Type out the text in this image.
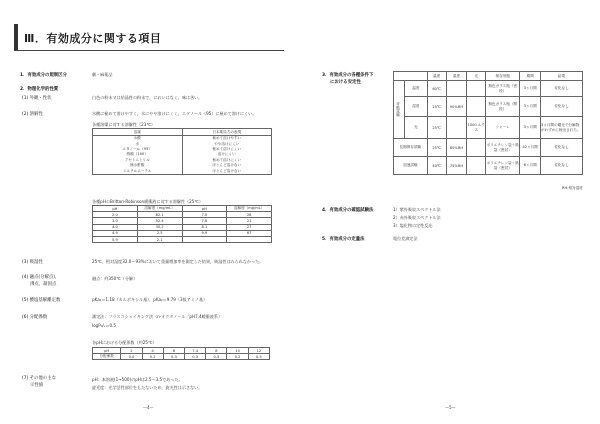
Ⅲ．有効成分に関する項目
1．有効成分の規制区分	劇・麻薬品
2．物理化学的性質
(1) 外観・性状	白色の粉末又は結晶性の粉末で，においはなく，味は苦い。
(2) 溶解性	水酸に極めて溶けやすく，水にやや溶けにくく，エタノール（95）に極めて溶けにくい。
各種溶媒に対する溶解性（23℃）
溶媒	日本薬局方の表現
水酸	極めて溶けやすい
水	やや溶けにくい
エタノール（95）	極めて溶けにくい
酢酸（100）	溶けにくい
アセトニトリル	極めて溶けにくい
無水酢酸	ほとんど溶けない
ジエチルエーテル	ほとんど溶けない
各種pHのBritton-Robinson緩衝液に対する溶解性（25℃）
pH	溶解度（mg/mL）	pH	溶解度（mg/mL）
2.0	82.1	7.0	28
3.0	52.4	7.8	21
4.0	30.2	8.1	27
4.9	2.5	9.9	67
5.9	2.1		
(3) 吸湿性	25℃，相対湿度32.0～93%において重量増加率を測定した結果，吸湿性はみられなかった。
(4) 融点(分解点)，
沸点，凝固点
融点：約350℃（分解）
(5) 酸塩基解離定数	pKa₁＝1.18（カルボキシル基），pKa₂＝9.79（3級アミノ基）
(6) 分配係数	測定法：フラスコシェイキング法（n-オクタノール／pH7.4緩衝液系）
logP₀/ᵥ＝0.5
各pHにおける分配係数（約25℃）
pH	2	4	6	7.4	8	10	12
分配係数	0.0	0.2	0.3	0.3	0.3	0.2	0.3
(7) その他の主な
示性値
pH：本溶液(1→500)のpHは2.5～3.5であった。
旋光度：光学活性部位をもたないため，旋光性は示さない。
—4—
3．有効成分の各種条件下
における安定性
		温度	湿度	光	保存形態	期間	結果
苛酷試験	温度	60℃			無色ガラス瓶（密栓）	3ヵ月間	変化なし
	湿度	25℃	90%RH		無色ガラス瓶（開栓）	3ヵ月間	変化なし
	光	25℃		1000 ルクス	シャーレ	3ヵ月間	3ヵ月間の曝光で分解物がわずかに検出された。
長期保存試験		25℃	60%RH		ポリエチレン袋＋紙袋（密封）	42ヵ月間	変化なし
加速試験		40℃	75%RH		ポリエチレン袋＋紙袋（密封）	6ヵ月間	変化なし
RH:相対湿度
4．有効成分の確認試験法	1）紫外吸収スペクトル法
2）赤外吸収スペクトル法
3）塩化物の定性反応
5．有効成分の定量法	電位差滴定法
—5—
